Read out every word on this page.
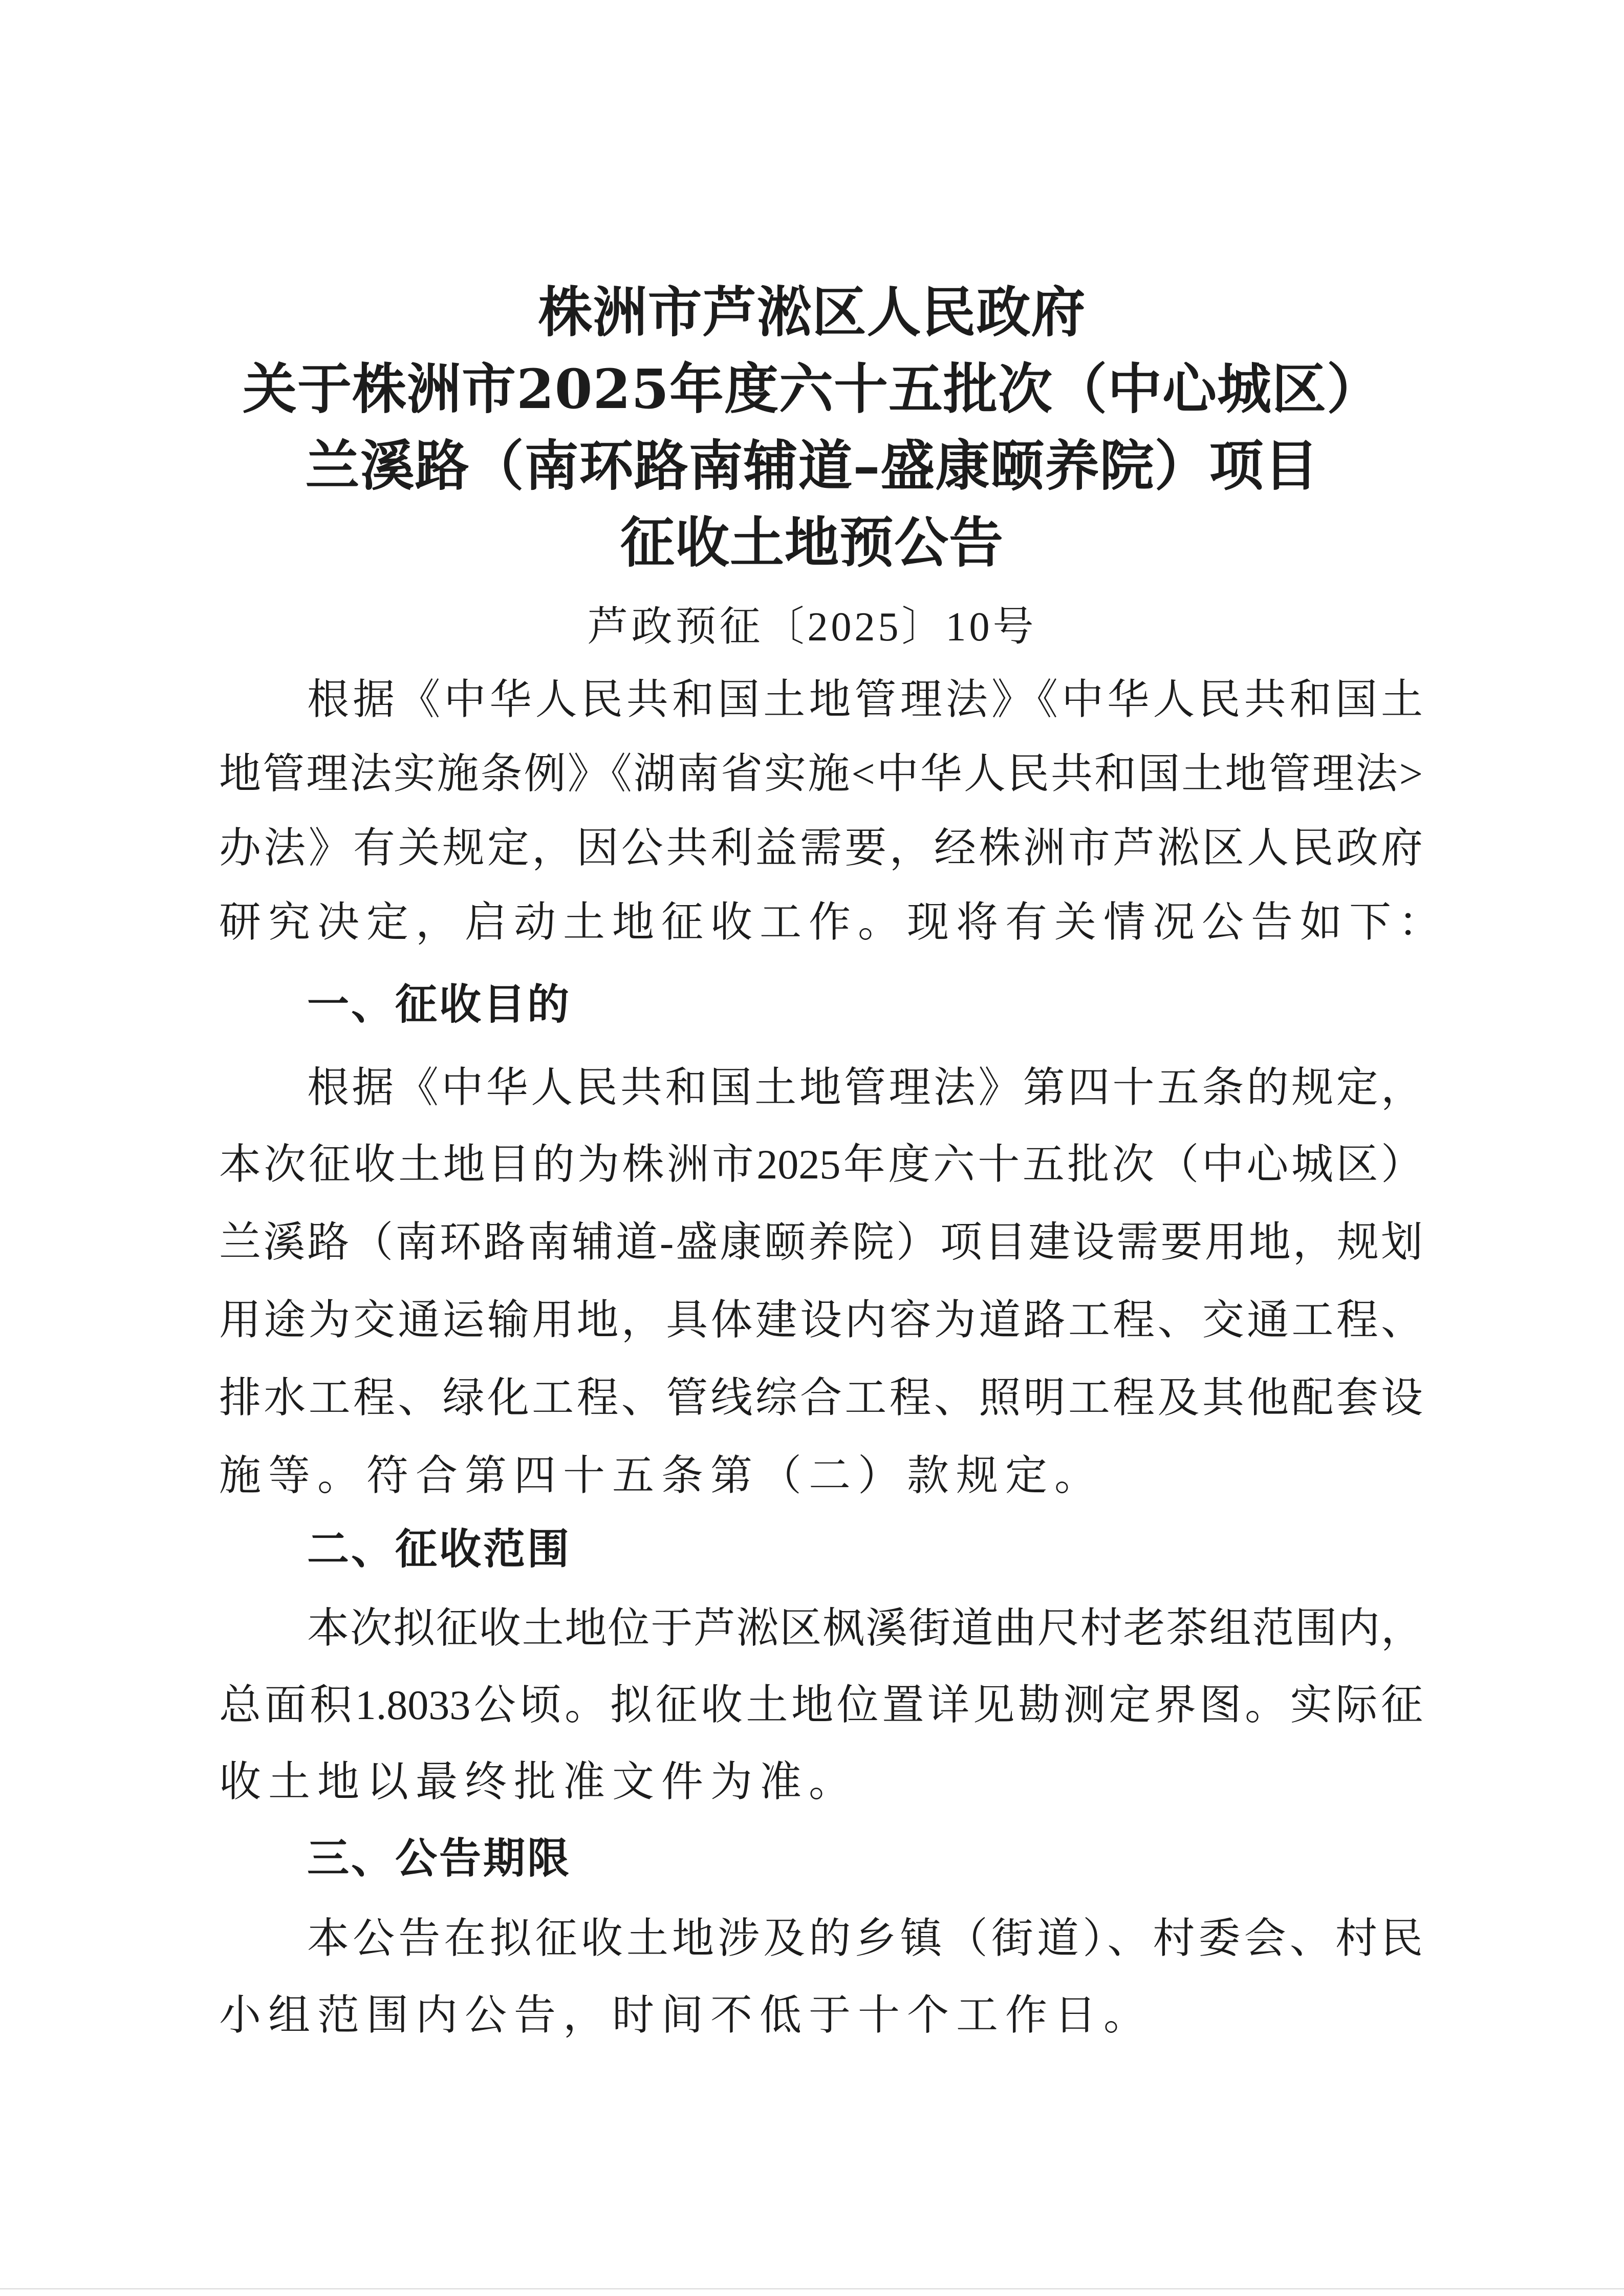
株洲市芦淞区人民政府
关于株洲市2025年度六十五批次（中心城区）
兰溪路（南环路南辅道–盛康颐养院）项目
征收土地预公告
芦政预征〔2025〕10号
根据《中华人民共和国土地管理法》《中华人民共和国土
地管理法实施条例》《湖南省实施<中华人民共和国土地管理法>
办法》有关规定，因公共利益需要，经株洲市芦淞区人民政府
研究决定，启动土地征收工作。现将有关情况公告如下：
一、征收目的
根据《中华人民共和国土地管理法》第四十五条的规定，
本次征收土地目的为株洲市2025年度六十五批次（中心城区）
兰溪路（南环路南辅道-盛康颐养院）项目建设需要用地，规划
用途为交通运输用地，具体建设内容为道路工程、交通工程、
排水工程、绿化工程、管线综合工程、照明工程及其他配套设
施等。符合第四十五条第（二）款规定。
二、征收范围
本次拟征收土地位于芦淞区枫溪街道曲尺村老茶组范围内，
总面积1.8033公顷。拟征收土地位置详见勘测定界图。实际征
收土地以最终批准文件为准。
三、公告期限
本公告在拟征收土地涉及的乡镇（街道）、村委会、村民
小组范围内公告，时间不低于十个工作日。
